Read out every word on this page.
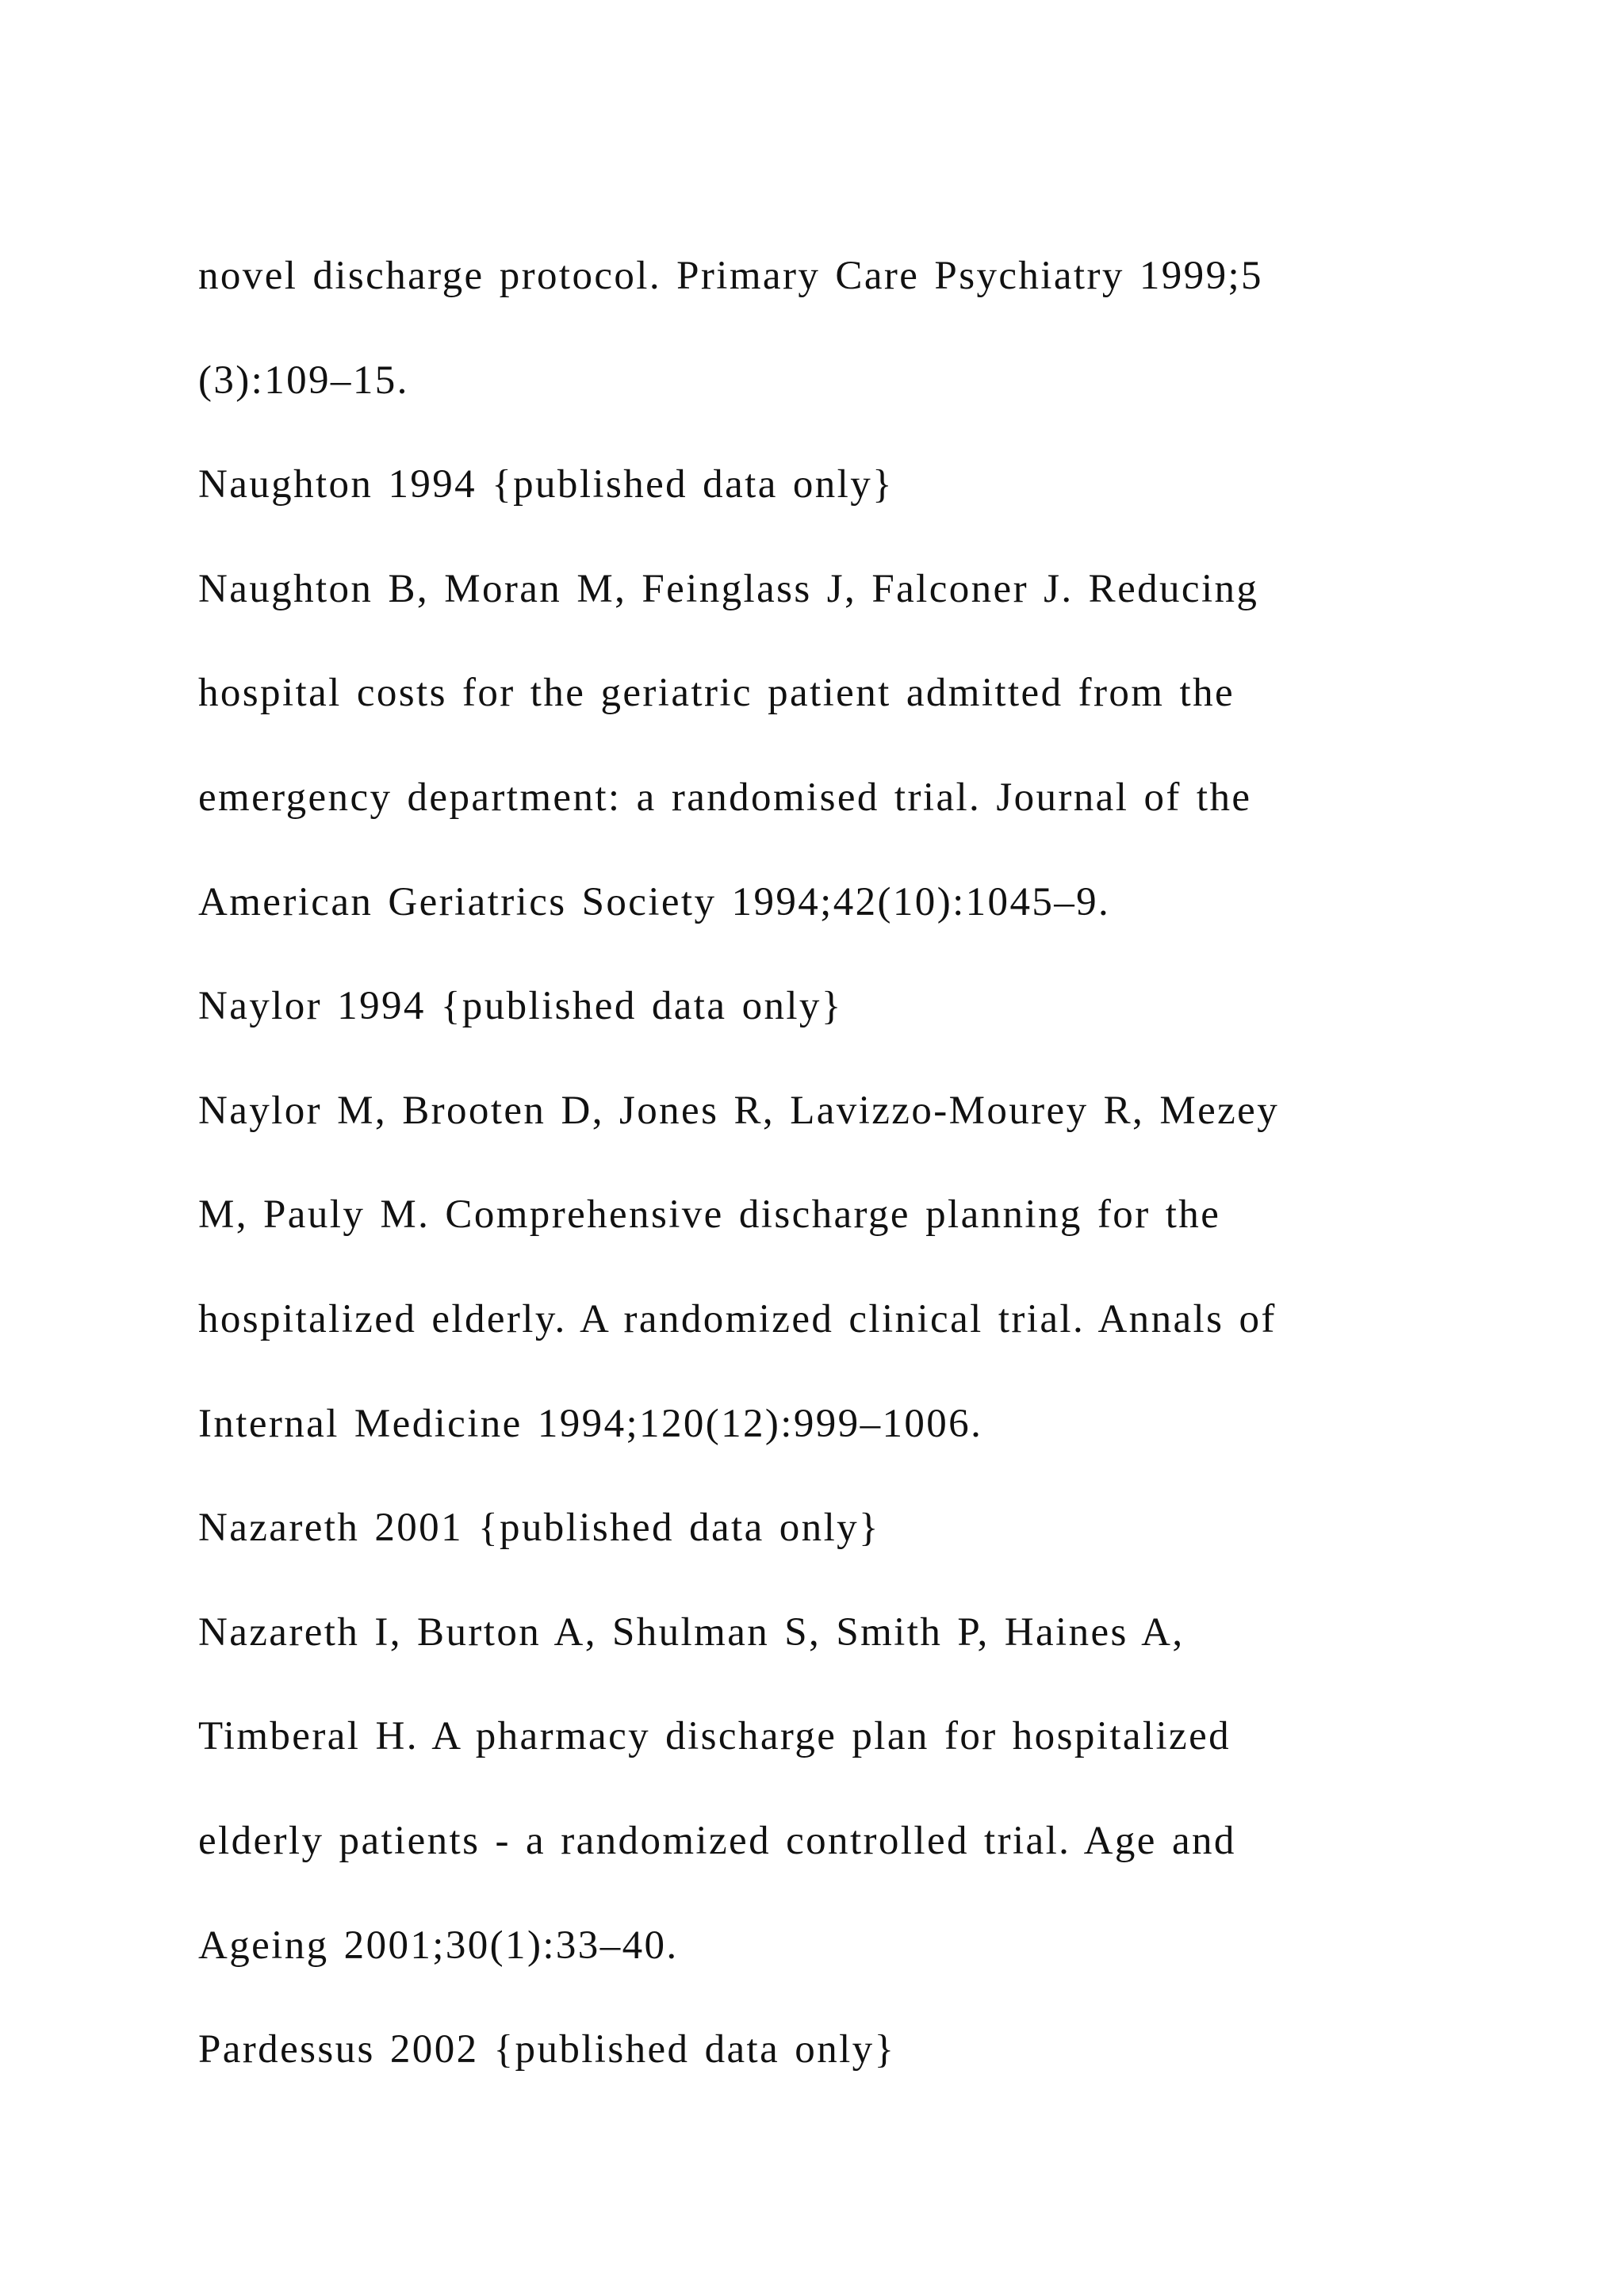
novel discharge protocol. Primary Care Psychiatry 1999;5
(3):109–15.
Naughton 1994 {published data only}
Naughton B, Moran M, Feinglass J, Falconer J. Reducing
hospital costs for the geriatric patient admitted from the
emergency department: a randomised trial. Journal of the
American Geriatrics Society 1994;42(10):1045–9.
Naylor 1994 {published data only}
Naylor M, Brooten D, Jones R, Lavizzo-Mourey R, Mezey
M, Pauly M. Comprehensive discharge planning for the
hospitalized elderly. A randomized clinical trial. Annals of
Internal Medicine 1994;120(12):999–1006.
Nazareth 2001 {published data only}
Nazareth I, Burton A, Shulman S, Smith P, Haines A,
Timberal H. A pharmacy discharge plan for hospitalized
elderly patients - a randomized controlled trial. Age and
Ageing 2001;30(1):33–40.
Pardessus 2002 {published data only}
